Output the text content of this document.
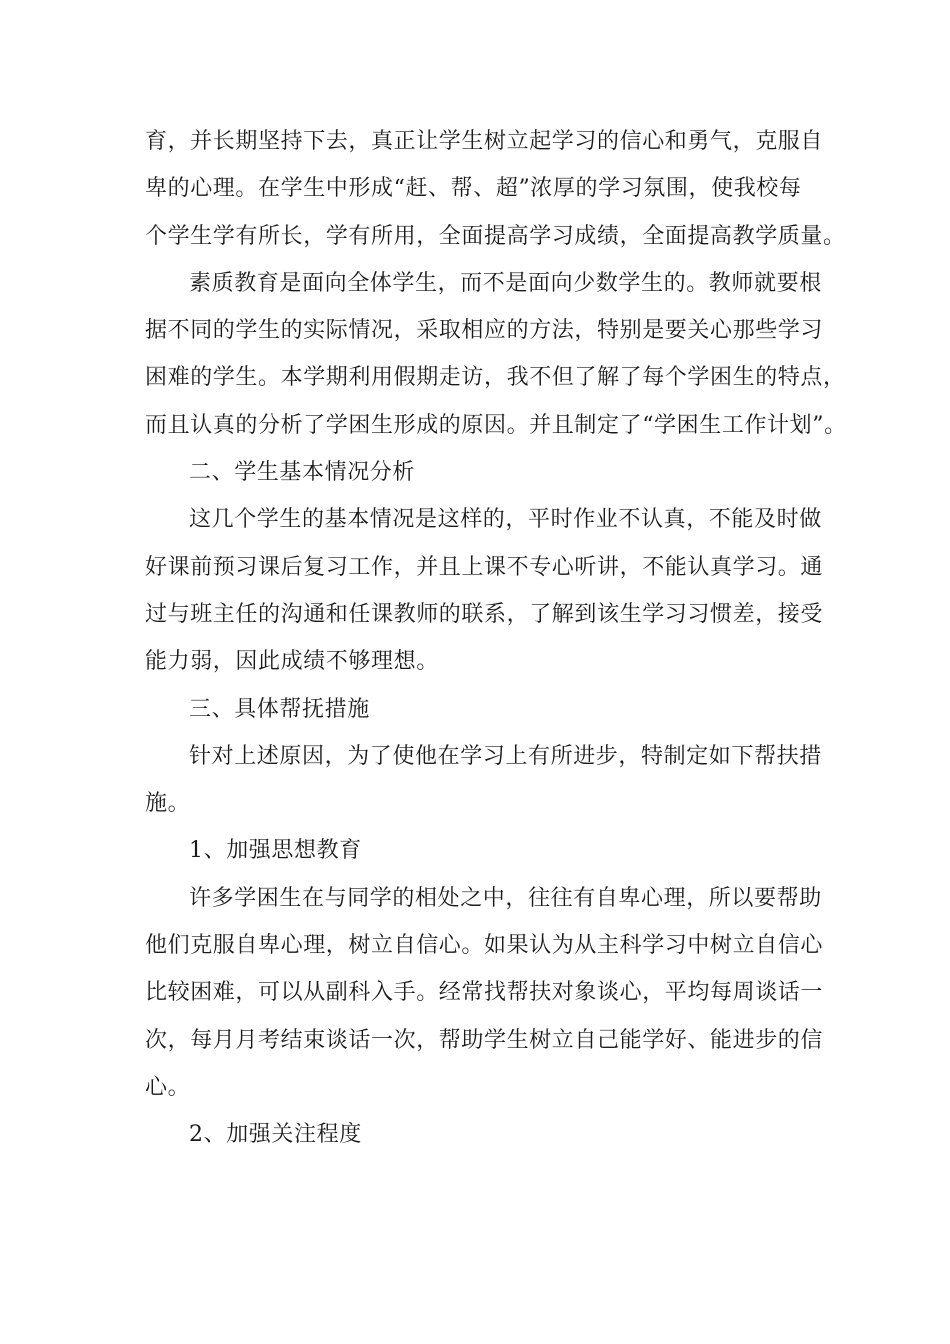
育，并长期坚持下去，真正让学生树立起学习的信心和勇气，克服自
卑的心理。在学生中形成“赶、帮、超”浓厚的学习氛围，使我校每
个学生学有所长，学有所用，全面提高学习成绩，全面提高教学质量。
素质教育是面向全体学生，而不是面向少数学生的。教师就要根
据不同的学生的实际情况，采取相应的方法，特别是要关心那些学习
困难的学生。本学期利用假期走访，我不但了解了每个学困生的特点，
而且认真的分析了学困生形成的原因。并且制定了“学困生工作计划”。
二、学生基本情况分析
这几个学生的基本情况是这样的，平时作业不认真，不能及时做
好课前预习课后复习工作，并且上课不专心听讲，不能认真学习。通
过与班主任的沟通和任课教师的联系，了解到该生学习习惯差，接受
能力弱，因此成绩不够理想。
三、具体帮抚措施
针对上述原因，为了使他在学习上有所进步，特制定如下帮扶措
施。
1、加强思想教育
许多学困生在与同学的相处之中，往往有自卑心理，所以要帮助
他们克服自卑心理，树立自信心。如果认为从主科学习中树立自信心
比较困难，可以从副科入手。经常找帮扶对象谈心，平均每周谈话一
次，每月月考结束谈话一次，帮助学生树立自己能学好、能进步的信
心。
2、加强关注程度
